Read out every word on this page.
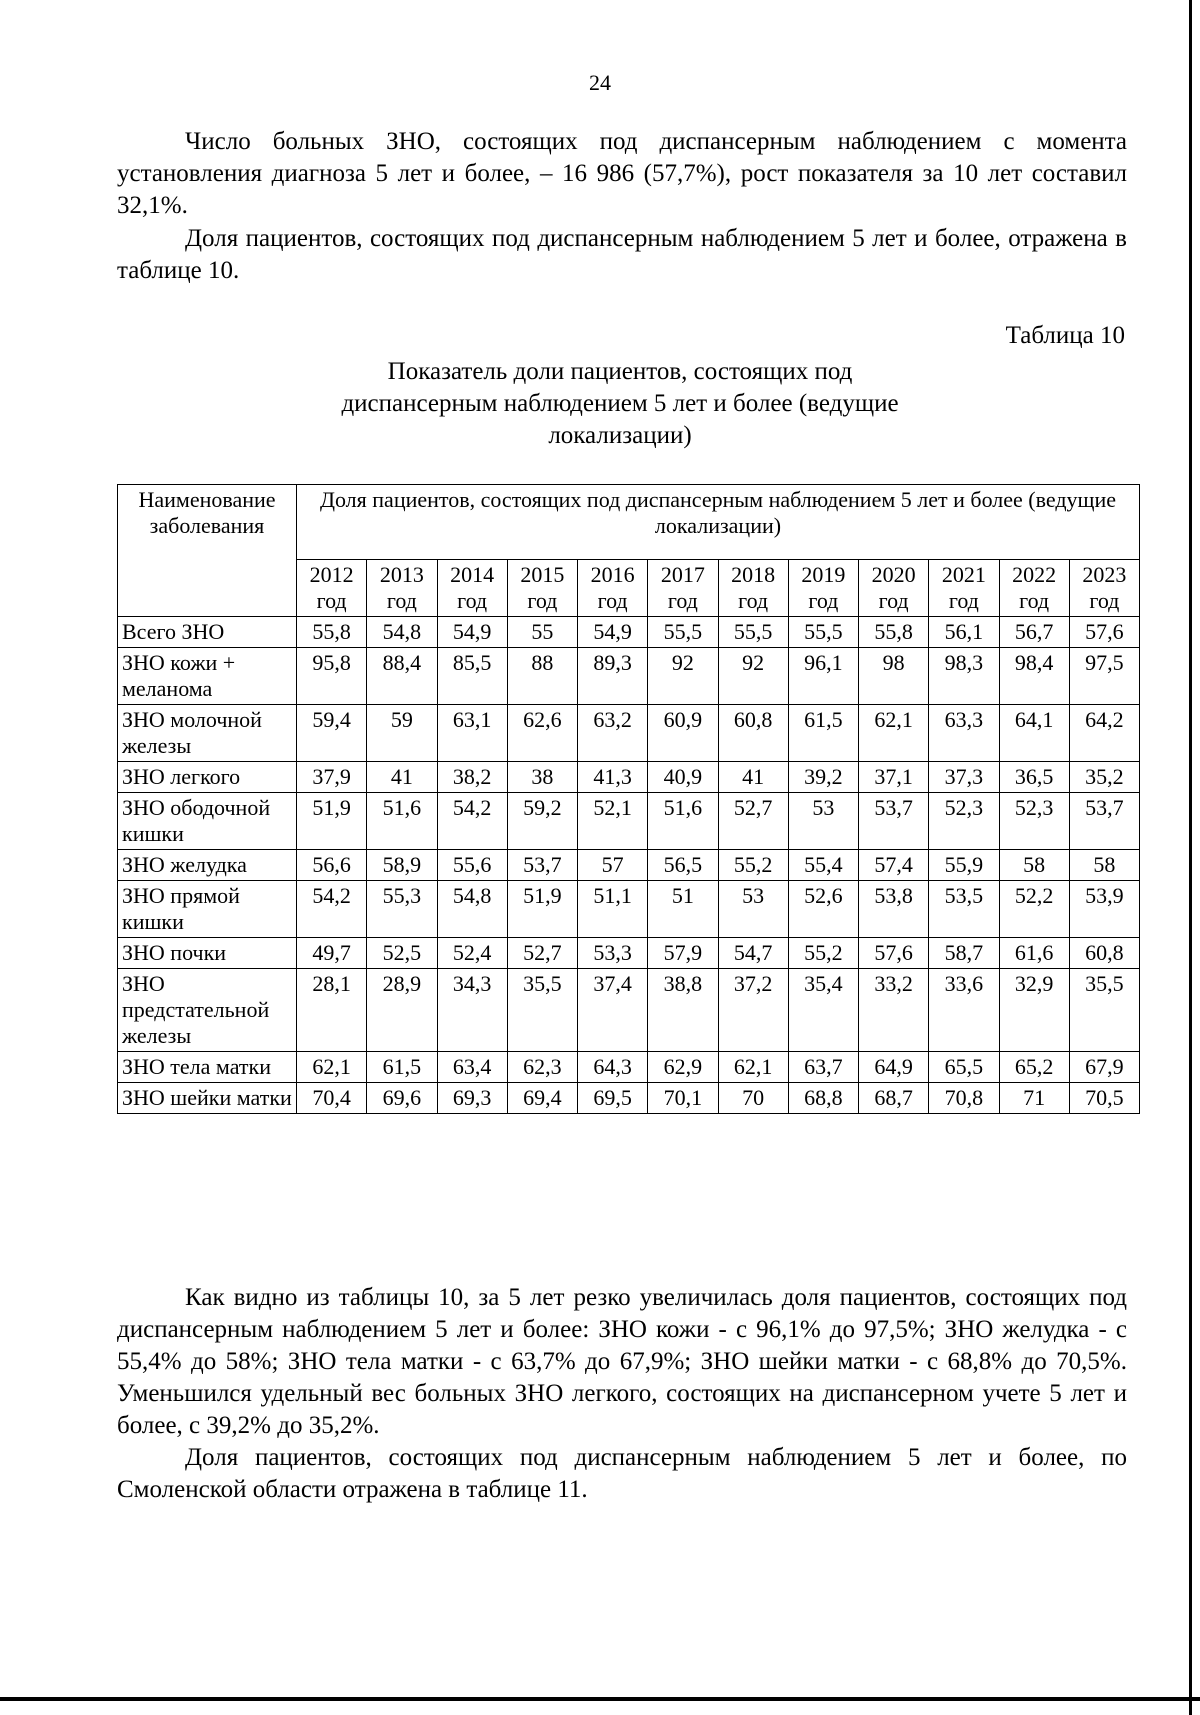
24
Число больных ЗНО, состоящих под диспансерным наблюдением с момента установления диагноза 5 лет и более, – 16 986 (57,7%), рост показателя за 10 лет составил 32,1%.
Доля пациентов, состоящих под диспансерным наблюдением 5 лет и более, отражена в таблице 10.
Таблица 10
Показатель доли пациентов, состоящих под диспансерным наблюдением 5 лет и более (ведущие локализации)
Наименование заболевания	Доля пациентов, состоящих под диспансерным наблюдением 5 лет и более (ведущие локализации)											
	2012 год	2013 год	2014 год	2015 год	2016 год	2017 год	2018 год	2019 год	2020 год	2021 год	2022 год	2023 год
Всего ЗНО	55,8	54,8	54,9	55	54,9	55,5	55,5	55,5	55,8	56,1	56,7	57,6
ЗНО кожи + меланома	95,8	88,4	85,5	88	89,3	92	92	96,1	98	98,3	98,4	97,5
ЗНО молочной железы	59,4	59	63,1	62,6	63,2	60,9	60,8	61,5	62,1	63,3	64,1	64,2
ЗНО легкого	37,9	41	38,2	38	41,3	40,9	41	39,2	37,1	37,3	36,5	35,2
ЗНО ободочной кишки	51,9	51,6	54,2	59,2	52,1	51,6	52,7	53	53,7	52,3	52,3	53,7
ЗНО желудка	56,6	58,9	55,6	53,7	57	56,5	55,2	55,4	57,4	55,9	58	58
ЗНО прямой кишки	54,2	55,3	54,8	51,9	51,1	51	53	52,6	53,8	53,5	52,2	53,9
ЗНО почки	49,7	52,5	52,4	52,7	53,3	57,9	54,7	55,2	57,6	58,7	61,6	60,8
ЗНО предстательной железы	28,1	28,9	34,3	35,5	37,4	38,8	37,2	35,4	33,2	33,6	32,9	35,5
ЗНО тела матки	62,1	61,5	63,4	62,3	64,3	62,9	62,1	63,7	64,9	65,5	65,2	67,9
ЗНО шейки матки	70,4	69,6	69,3	69,4	69,5	70,1	70	68,8	68,7	70,8	71	70,5
Как видно из таблицы 10, за 5 лет резко увеличилась доля пациентов, состоящих под диспансерным наблюдением 5 лет и более: ЗНО кожи - с 96,1% до 97,5%; ЗНО желудка - с 55,4% до 58%; ЗНО тела матки - с 63,7% до 67,9%; ЗНО шейки матки - с 68,8% до 70,5%. Уменьшился удельный вес больных ЗНО легкого, состоящих на диспансерном учете 5 лет и более, с 39,2% до 35,2%.
Доля пациентов, состоящих под диспансерным наблюдением 5 лет и более, по Смоленской области отражена в таблице 11.
